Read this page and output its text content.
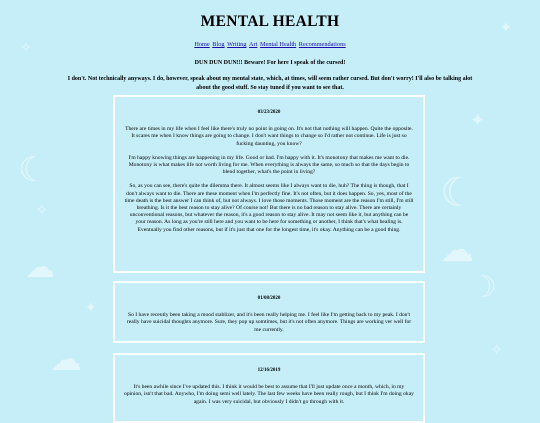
☾
☾
☽
☁
☁
☁
✦
✧
✦
✧
✦
✧
MENTAL HEALTH
Home Blog Writing Art Mental Health Recommendations
DUN DUN DUN!!! Beware! For here I speak of the cursed!
I don't. Not technically anyways. I do, however, speak about my mental state, which, at times, will seem rather cursed. But don't worry! I'll also be talking alot about the good stuff. So stay tuned if you want to see that.
03/23/2020

There are times in my life when I feel like there's truly no point in going on. It's not that nothing will happen. Quite the opposite. It scares me when I know things are going to change. I don't want things to change so I'd rather not continue. Life is just so fucking daunting, you know?

I'm happy knowing things are happening in my life. Good or bad. I'm happy with it. It's monotony that makes me want to die. Monotony is what makes life not worth living for me. When everything is always the same, so much so that the days begin to blend together, what's the point in living?

So, as you can see, there's quite the dilemma there. It almost seems like I always want to die, huh? The thing is though, that I don't always want to die. There are these moment when I'm perfectly fine. It's not often, but it does happen. So, yes, most of the time death is the best answer I can think of, but not always. I love those moments. Those moment are the reason I'm still, I'm still breathing. Is it the best reason to stay alive? Of course not! But there is no bad reason to stay alive. There are certainly unconventional reasons, but whatever the reason, it's a good reason to stay alive. It may not seem like it, but anything can be your reason. As long as you're still here and you want to be here for something or another, I think that's what healing is. Eventually you find other reasons, but if it's just that one for the longest time, it's okay. Anything can be a good thing.

01/08/2020

So I have recently been taking a mood stablizer, and it's been really helping me. I feel like I'm getting back to my peak. I don't really have suicidal thoughts anymore. Sure, they pop up somtimes, but it's not often anymore. Things are working ver well for me currently.

12/16/2019

It's been awhile since I've updated this. I think it would be best to assume that I'll just update once a month, which, in my opinion, isn't that bad. Anywho, I'm doing semi well lately. The last few weeks have been really rough, but I think I'm doing okay again. I was very suicidal, but obviously I didn't go through with it.
